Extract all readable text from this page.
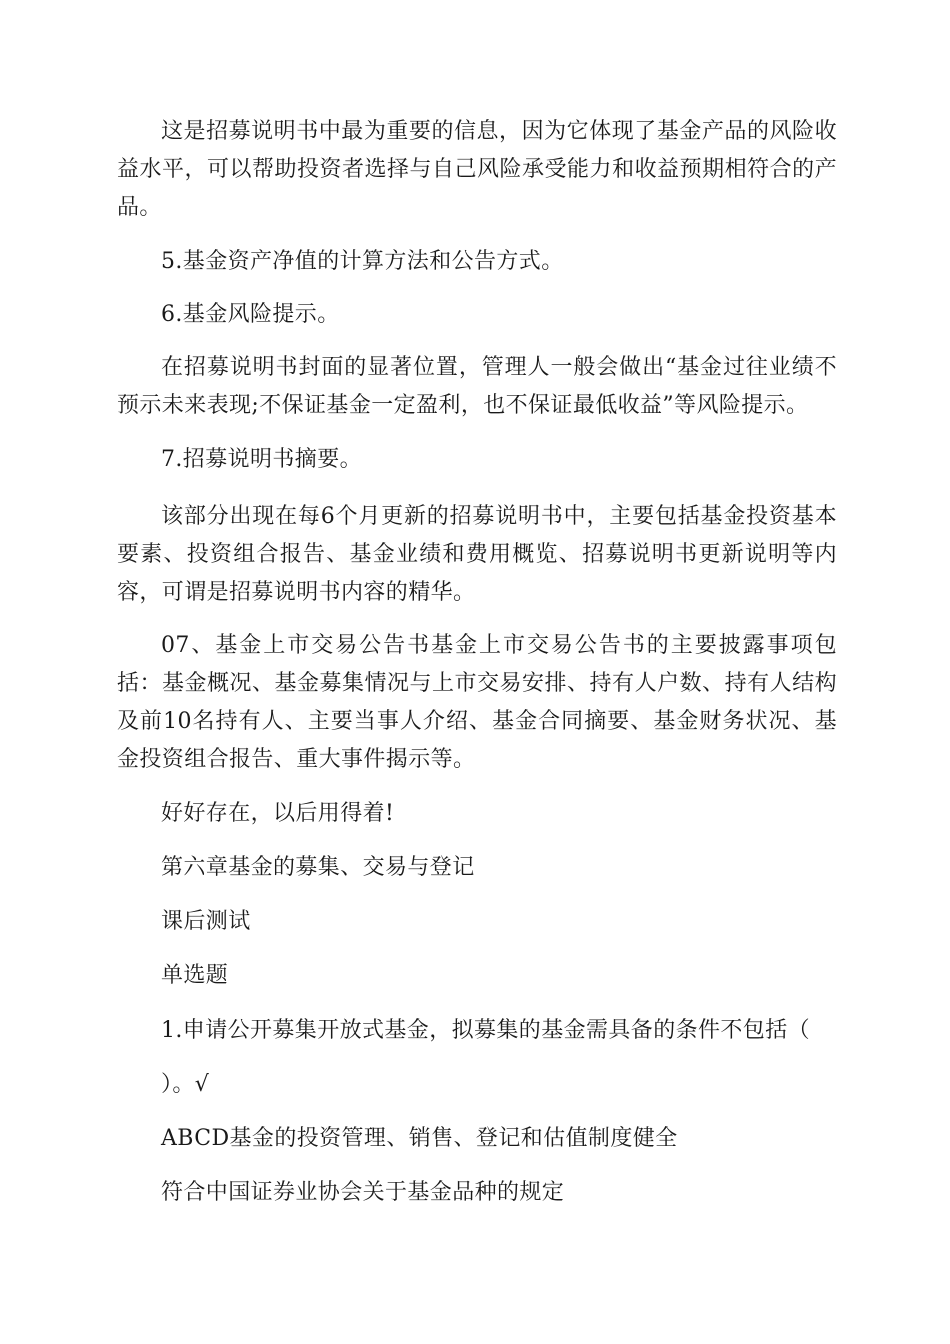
这是招募说明书中最为重要的信息，因为它体现了基金产品的风险收益水平，可以帮助投资者选择与自己风险承受能力和收益预期相符合的产品。

5.基金资产净值的计算方法和公告方式。

6.基金风险提示。

在招募说明书封面的显著位置，管理人一般会做出“基金过往业绩不预示未来表现;不保证基金一定盈利，也不保证最低收益”等风险提示。

7.招募说明书摘要。

该部分出现在每6个月更新的招募说明书中，主要包括基金投资基本要素、投资组合报告、基金业绩和费用概览、招募说明书更新说明等内容，可谓是招募说明书内容的精华。

07、基金上市交易公告书基金上市交易公告书的主要披露事项包括：基金概况、基金募集情况与上市交易安排、持有人户数、持有人结构及前10名持有人、主要当事人介绍、基金合同摘要、基金财务状况、基金投资组合报告、重大事件揭示等。

好好存在，以后用得着!

第六章基金的募集、交易与登记

课后测试

单选题

1.申请公开募集开放式基金，拟募集的基金需具备的条件不包括（

）。√

ABCD基金的投资管理、销售、登记和估值制度健全

符合中国证券业协会关于基金品种的规定
